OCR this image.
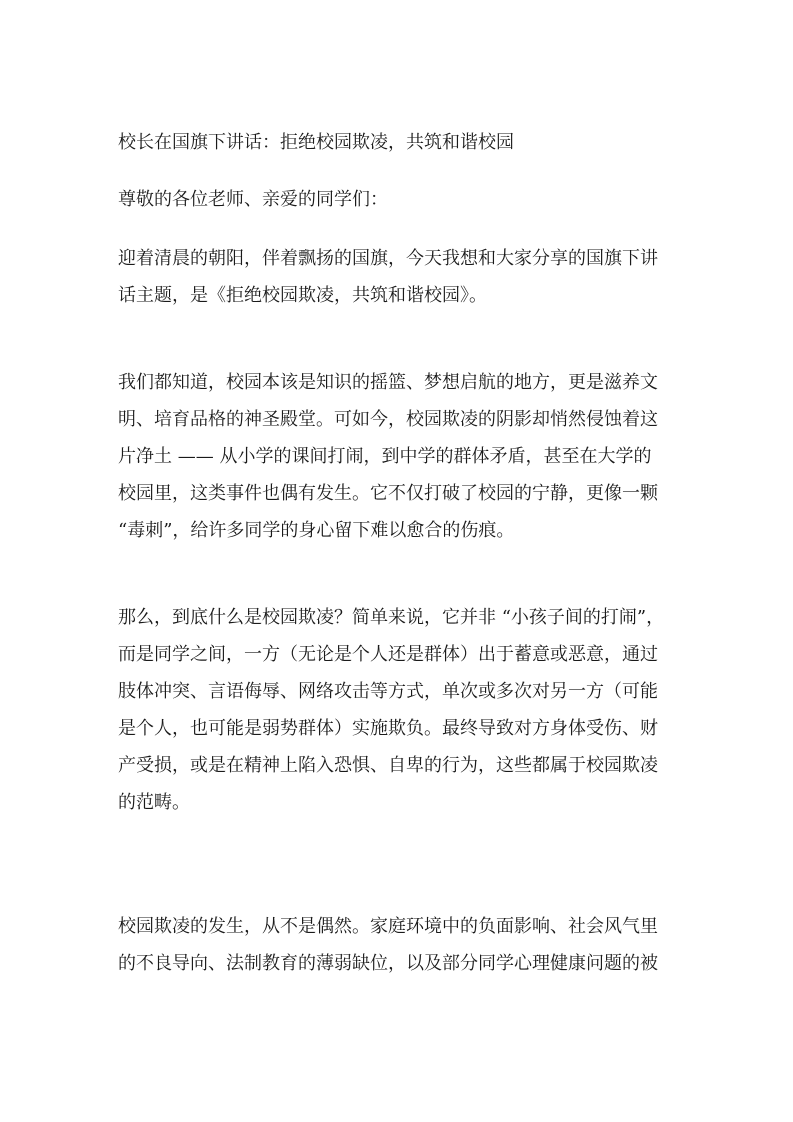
校长在国旗下讲话：拒绝校园欺凌，共筑和谐校园
尊敬的各位老师、亲爱的同学们：
迎着清晨的朝阳，伴着飘扬的国旗，今天我想和大家分享的国旗下讲
话主题，是《拒绝校园欺凌，共筑和谐校园》。
我们都知道，校园本该是知识的摇篮、梦想启航的地方，更是滋养文
明、培育品格的神圣殿堂。可如今，校园欺凌的阴影却悄然侵蚀着这
片净土 —— 从小学的课间打闹，到中学的群体矛盾，甚至在大学的
校园里，这类事件也偶有发生。它不仅打破了校园的宁静，更像一颗
“毒刺”，给许多同学的身心留下难以愈合的伤痕。
那么，到底什么是校园欺凌？简单来说，它并非 “小孩子间的打闹”，
而是同学之间，一方（无论是个人还是群体）出于蓄意或恶意，通过
肢体冲突、言语侮辱、网络攻击等方式，单次或多次对另一方（可能
是个人，也可能是弱势群体）实施欺负。最终导致对方身体受伤、财
产受损，或是在精神上陷入恐惧、自卑的行为，这些都属于校园欺凌
的范畴。
校园欺凌的发生，从不是偶然。家庭环境中的负面影响、社会风气里
的不良导向、法制教育的薄弱缺位，以及部分同学心理健康问题的被
